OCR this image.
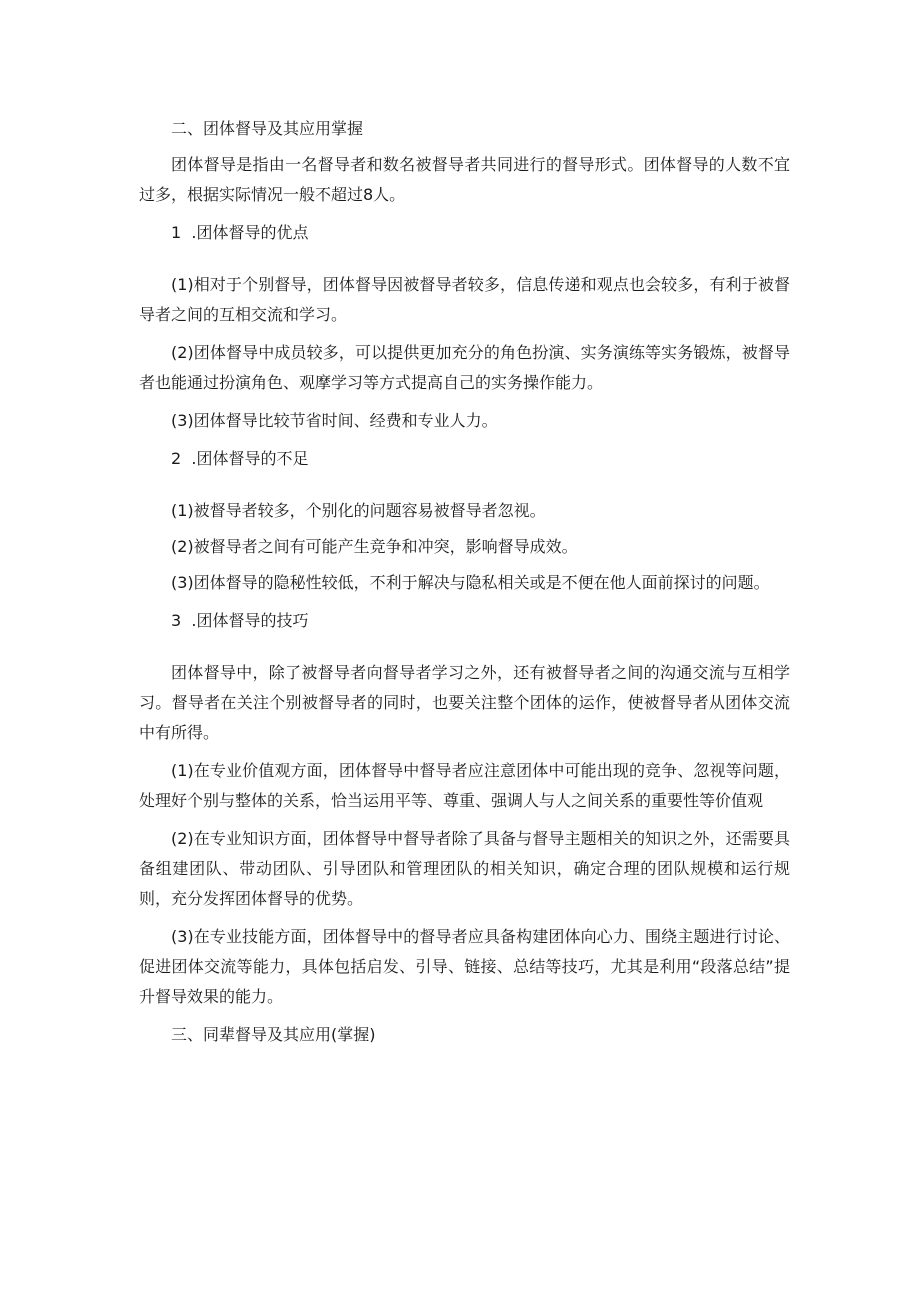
二、团体督导及其应用掌握

团体督导是指由一名督导者和数名被督导者共同进行的督导形式。团体督导的人数不宜过多，根据实际情况一般不超过8人。

1  .团体督导的优点

(1)相对于个别督导，团体督导因被督导者较多，信息传递和观点也会较多，有利于被督导者之间的互相交流和学习。

(2)团体督导中成员较多，可以提供更加充分的角色扮演、实务演练等实务锻炼，被督导者也能通过扮演角色、观摩学习等方式提高自己的实务操作能力。

(3)团体督导比较节省时间、经费和专业人力。

2  .团体督导的不足

(1)被督导者较多，个别化的问题容易被督导者忽视。

(2)被督导者之间有可能产生竞争和冲突，影响督导成效。

(3)团体督导的隐秘性较低，不利于解决与隐私相关或是不便在他人面前探讨的问题。

3  .团体督导的技巧

团体督导中，除了被督导者向督导者学习之外，还有被督导者之间的沟通交流与互相学习。督导者在关注个别被督导者的同时，也要关注整个团体的运作，使被督导者从团体交流中有所得。

(1)在专业价值观方面，团体督导中督导者应注意团体中可能出现的竞争、忽视等问题，处理好个别与整体的关系，恰当运用平等、尊重、强调人与人之间关系的重要性等价值观

(2)在专业知识方面，团体督导中督导者除了具备与督导主题相关的知识之外，还需要具备组建团队、带动团队、引导团队和管理团队的相关知识，确定合理的团队规模和运行规则，充分发挥团体督导的优势。

(3)在专业技能方面，团体督导中的督导者应具备构建团体向心力、围绕主题进行讨论、促进团体交流等能力，具体包括启发、引导、链接、总结等技巧，尤其是利用“段落总结”提升督导效果的能力。

三、同辈督导及其应用(掌握)
